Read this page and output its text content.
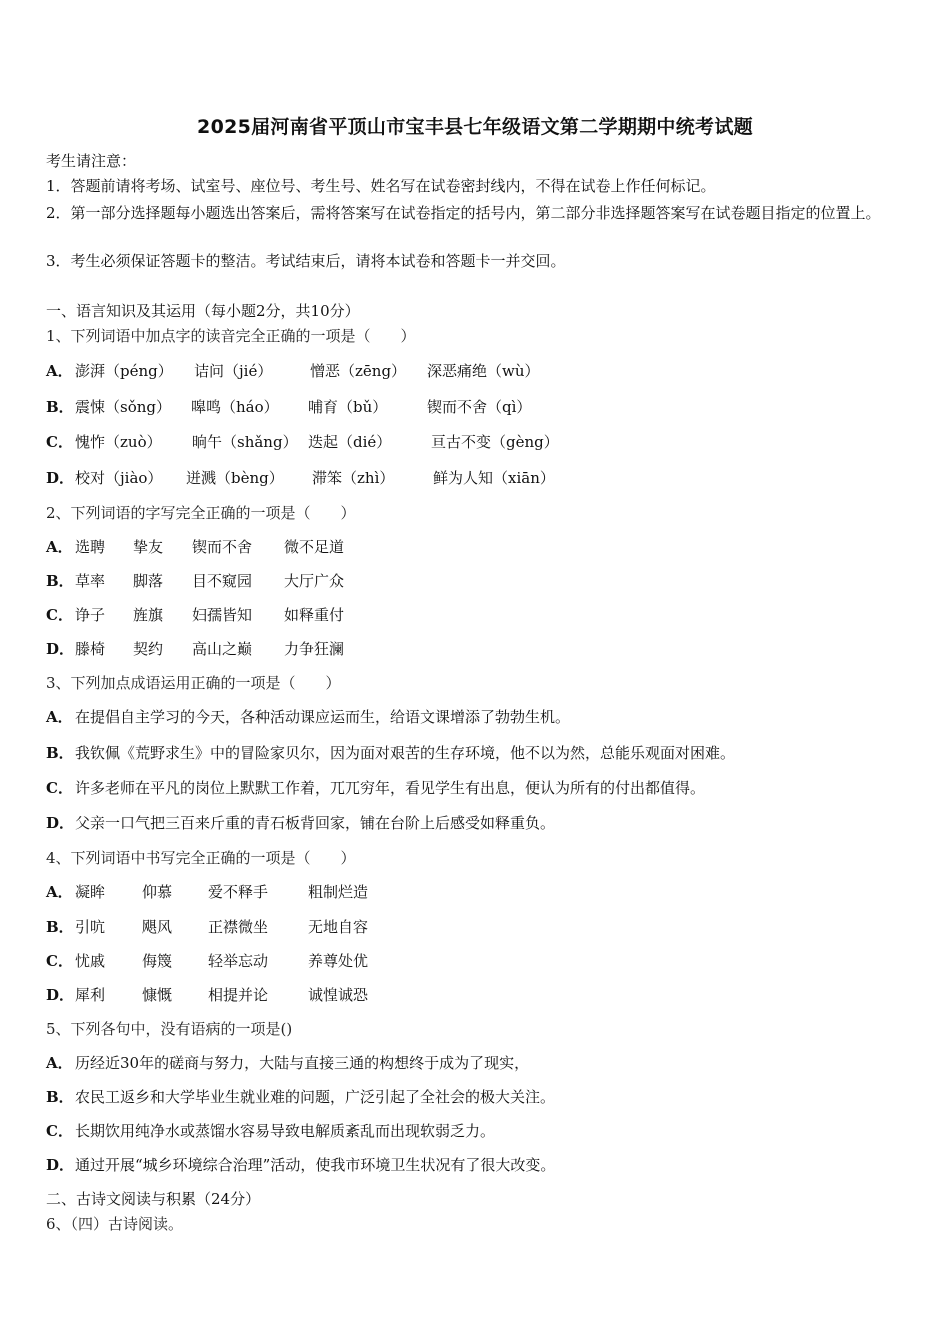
2025届河南省平顶山市宝丰县七年级语文第二学期期中统考试题
考生请注意：
1．答题前请将考场、试室号、座位号、考生号、姓名写在试卷密封线内，不得在试卷上作任何标记。
2．第一部分选择题每小题选出答案后，需将答案写在试卷指定的括号内，第二部分非选择题答案写在试卷题目指定的位置上。
3．考生必须保证答题卡的整洁。考试结束后，请将本试卷和答题卡一并交回。
一、语言知识及其运用（每小题2分，共10分）
1、下列词语中加点字的读音完全正确的一项是（　　）
A． 澎湃（péng） 诘问（jié）	憎恶（zēng） 深恶痛绝（wù）
B． 震悚（sǒng） 嗥鸣（háo） 哺育（bǔ）	锲而不舍（qì）
C． 愧怍（zuò） 晌午（shǎng） 迭起（dié）	亘古不变（gèng）
D． 校对（jiào） 迸溅（bèng） 滞笨（zhì）	鲜为人知（xiān）
2、下列词语的字写完全正确的一项是（　　）
A． 选聘 挚友 锲而不舍 微不足道
B． 草率 脚落 目不窥园 大厅广众
C． 诤子 旌旗 妇孺皆知 如释重付
D． 滕椅 契约 高山之巅 力争狂澜
3、下列加点成语运用正确的一项是（　　）
A． 在提倡自主学习的今天，各种活动课应运而生，给语文课增添了勃勃生机。
B． 我钦佩《荒野求生》中的冒险家贝尔，因为面对艰苦的生存环境，他不以为然，总能乐观面对困难。
C． 许多老师在平凡的岗位上默默工作着，兀兀穷年，看见学生有出息，便认为所有的付出都值得。
D． 父亲一口气把三百来斤重的青石板背回家，铺在台阶上后感受如释重负。
4、下列词语中书写完全正确的一项是（　　）
A． 凝眸 仰慕 爱不释手	粗制烂造
B． 引吭 飓风 正襟微坐	无地自容
C． 忧戚 侮篾 轻举忘动	养尊处优
D． 犀利 慷慨 相提并论	诚惶诚恐
5、下列各句中，没有语病的一项是()
A． 历经近30年的磋商与努力，大陆与直接三通的构想终于成为了现实，
B． 农民工返乡和大学毕业生就业难的问题，广泛引起了全社会的极大关注。
C． 长期饮用纯净水或蒸馏水容易导致电解质紊乱而出现软弱乏力。
D． 通过开展“城乡环境综合治理”活动，使我市环境卫生状况有了很大改变。
二、古诗文阅读与积累（24分）
6、（四）古诗阅读。
